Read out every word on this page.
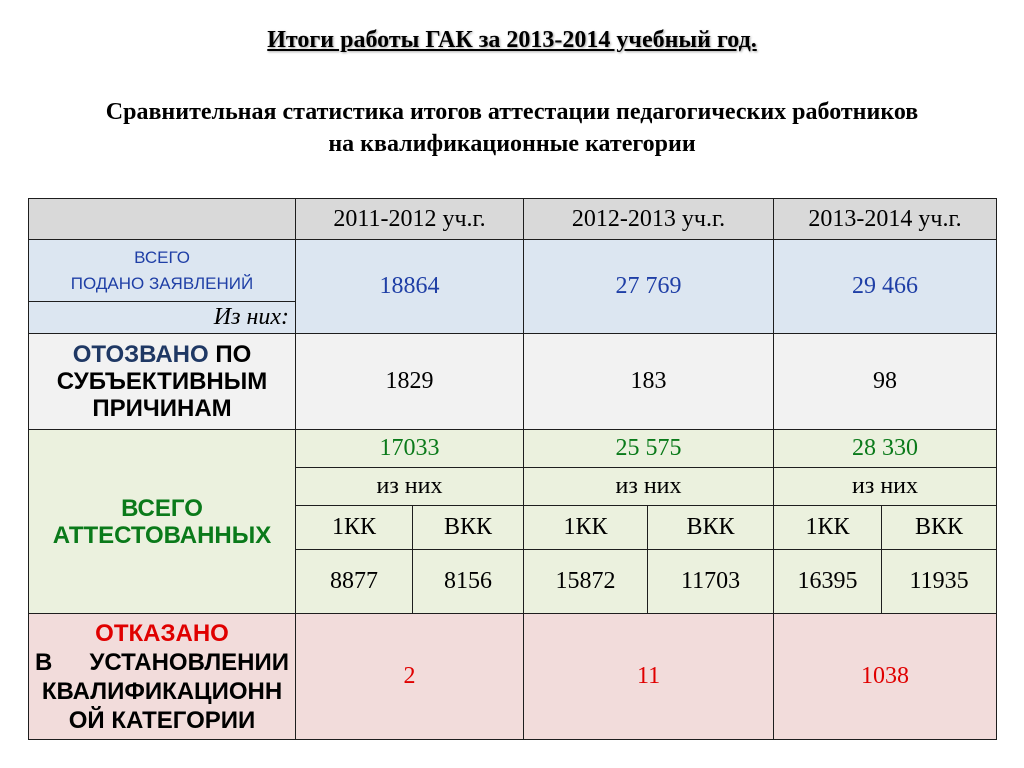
Итоги работы ГАК за 2013-2014 учебный год.
Сравнительная статистика итогов аттестации педагогических работников
на квалификационные категории
	2011-2012 уч.г.		2012-2013 уч.г.		2013-2014 уч.г.	

ВСЕГО
ПОДАНО ЗАЯВЛЕНИЙ	18864		27 769		29 466	
Из них:						

ОТОЗВАНО ПО
СУБЪЕКТИВНЫМ
ПРИЧИНАМ	1829		183		98	

ВСЕГО
АТТЕСТОВАННЫХ	17033		25 575		28 330	
	из них		из них		из них	
	1КК	ВКК	1КК	ВКК	1КК	ВКК
	8877	8156	15872	11703	16395	11935

ОТКАЗАНО
В УСТАНОВЛЕНИИ
КВАЛИФИКАЦИОНН
ОЙ КАТЕГОРИИ	2		11		1038	
